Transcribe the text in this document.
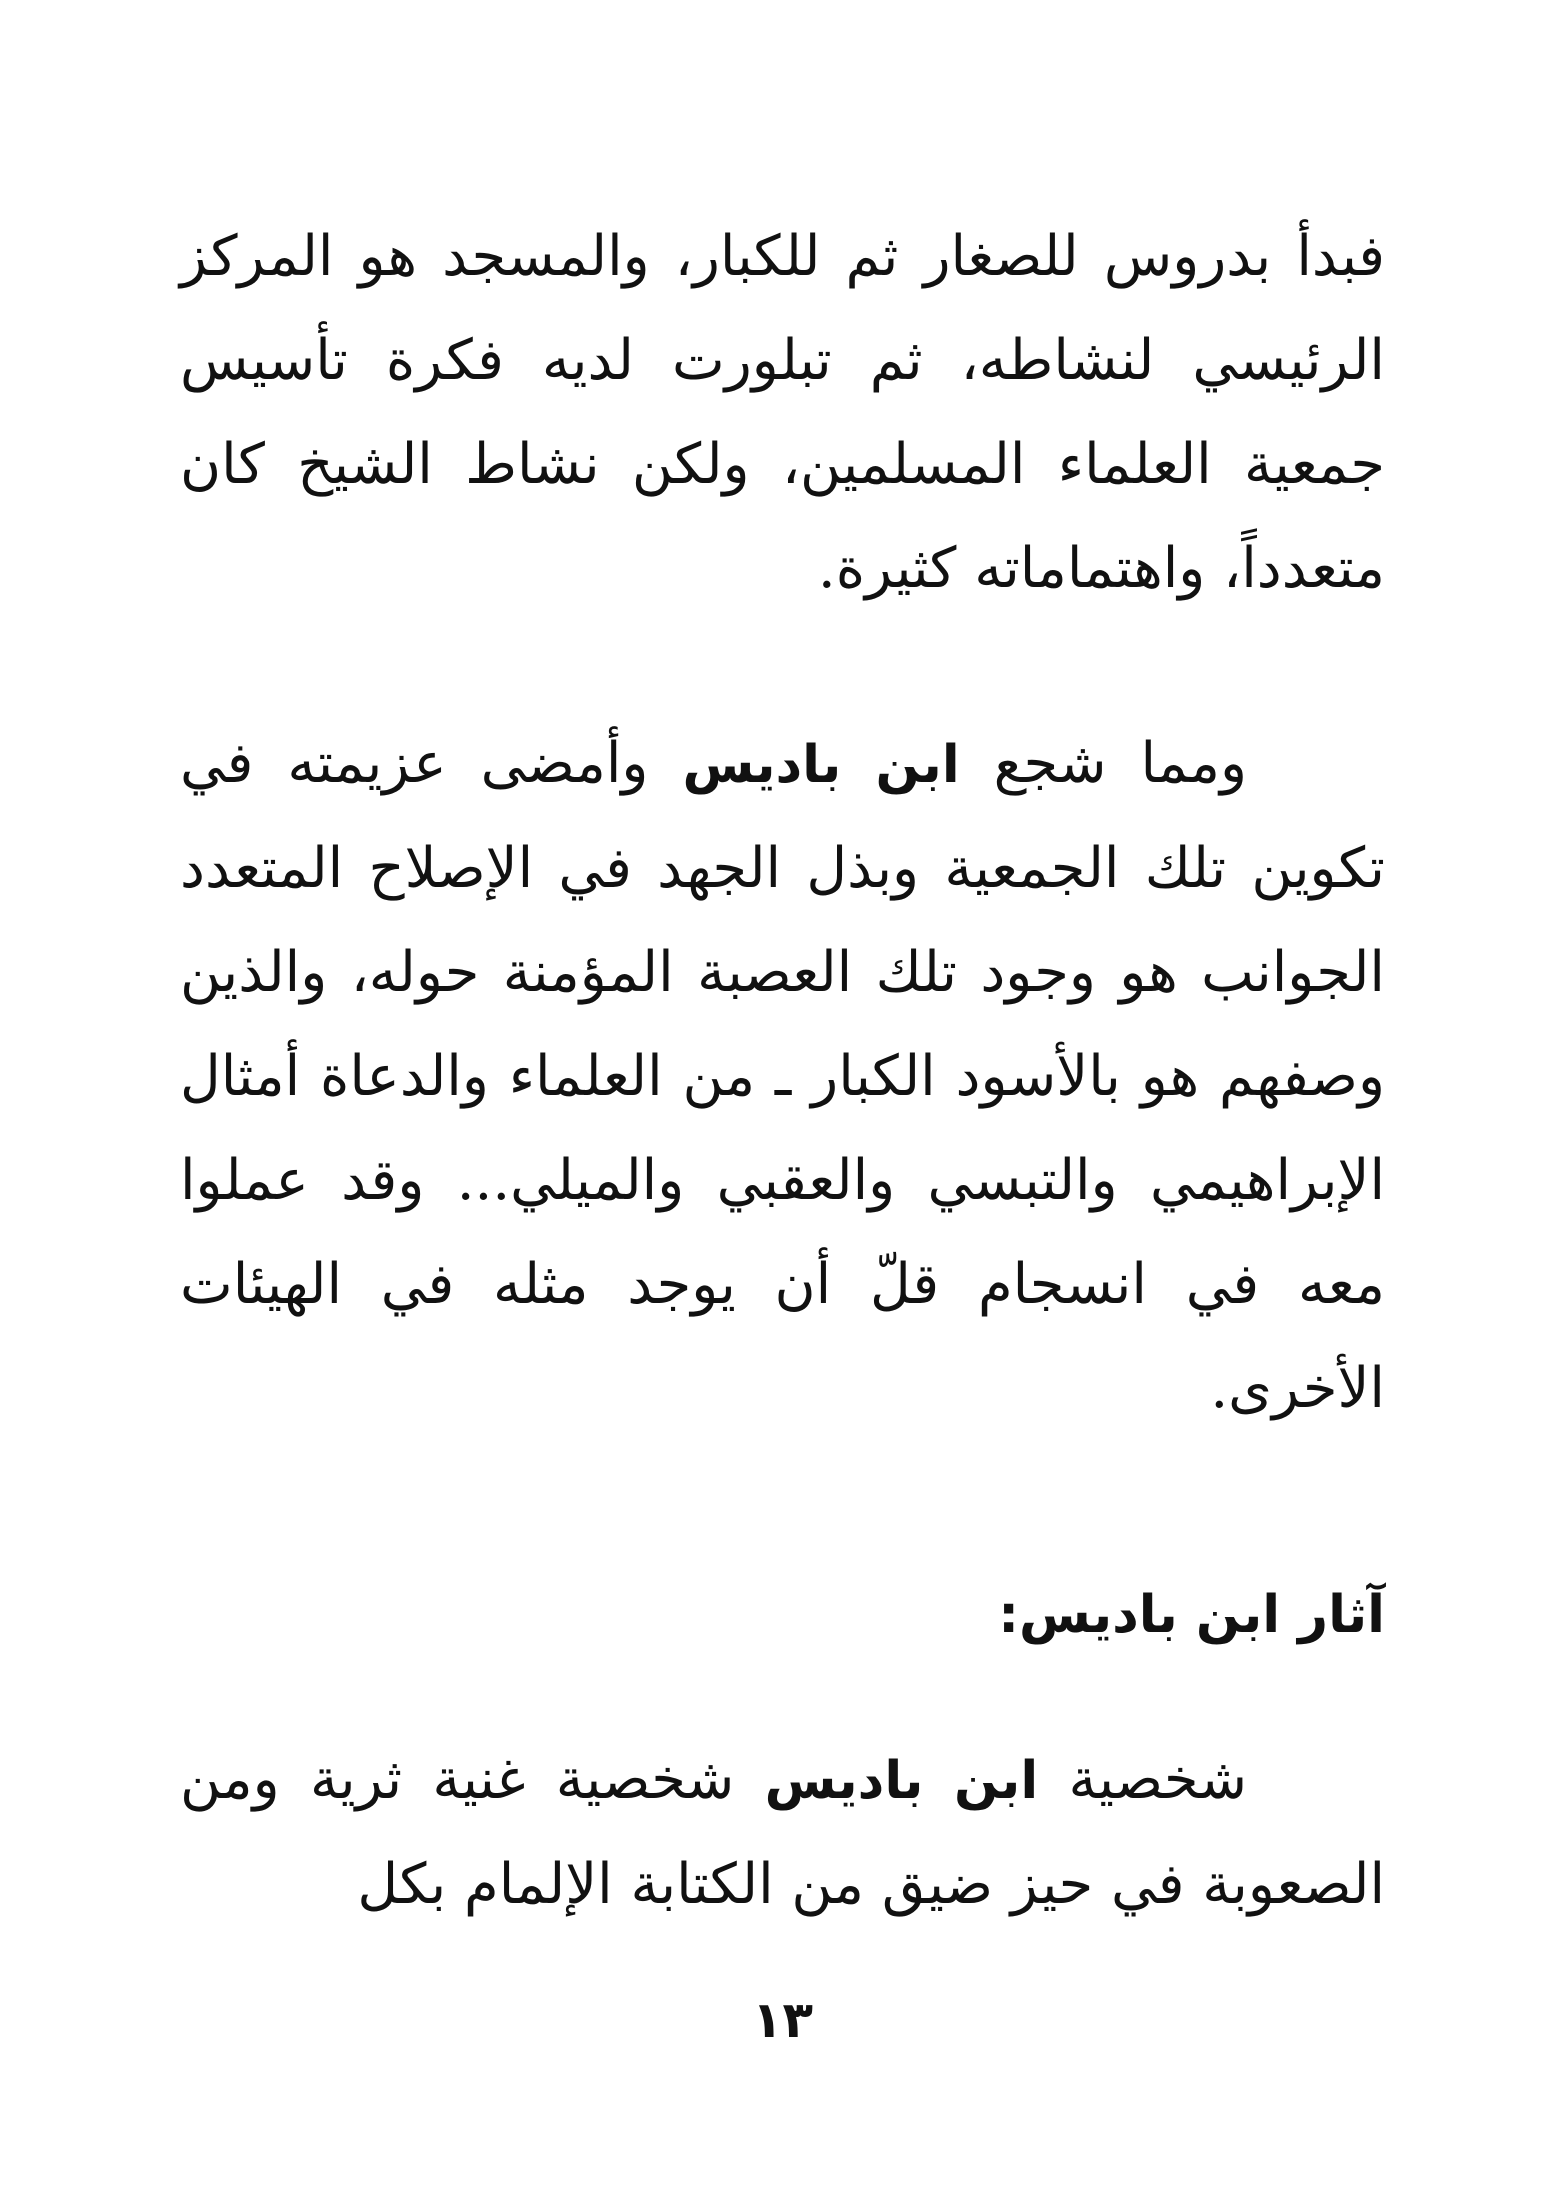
فبدأ بدروس للصغار ثم للكبار، والمسجد هو المركز الرئيسي لنشاطه، ثم تبلورت لديه فكرة تأسيس جمعية العلماء المسلمين، ولكن نشاط الشيخ كان متعدداً، واهتماماته كثيرة.

ومما شجع ابن باديس وأمضى عزيمته في تكوين تلك الجمعية وبذل الجهد في الإصلاح المتعدد الجوانب هو وجود تلك العصبة المؤمنة حوله، والذين وصفهم هو بالأسود الكبار ـ من العلماء والدعاة أمثال الإبراهيمي والتبسي والعقبي والميلي... وقد عملوا معه في انسجام قلّ أن يوجد مثله في الهيئات الأخرى.

آثار ابن باديس:

شخصية ابن باديس شخصية غنية ثرية ومن الصعوبة في حيز ضيق من الكتابة الإلمام بكل

١٣
